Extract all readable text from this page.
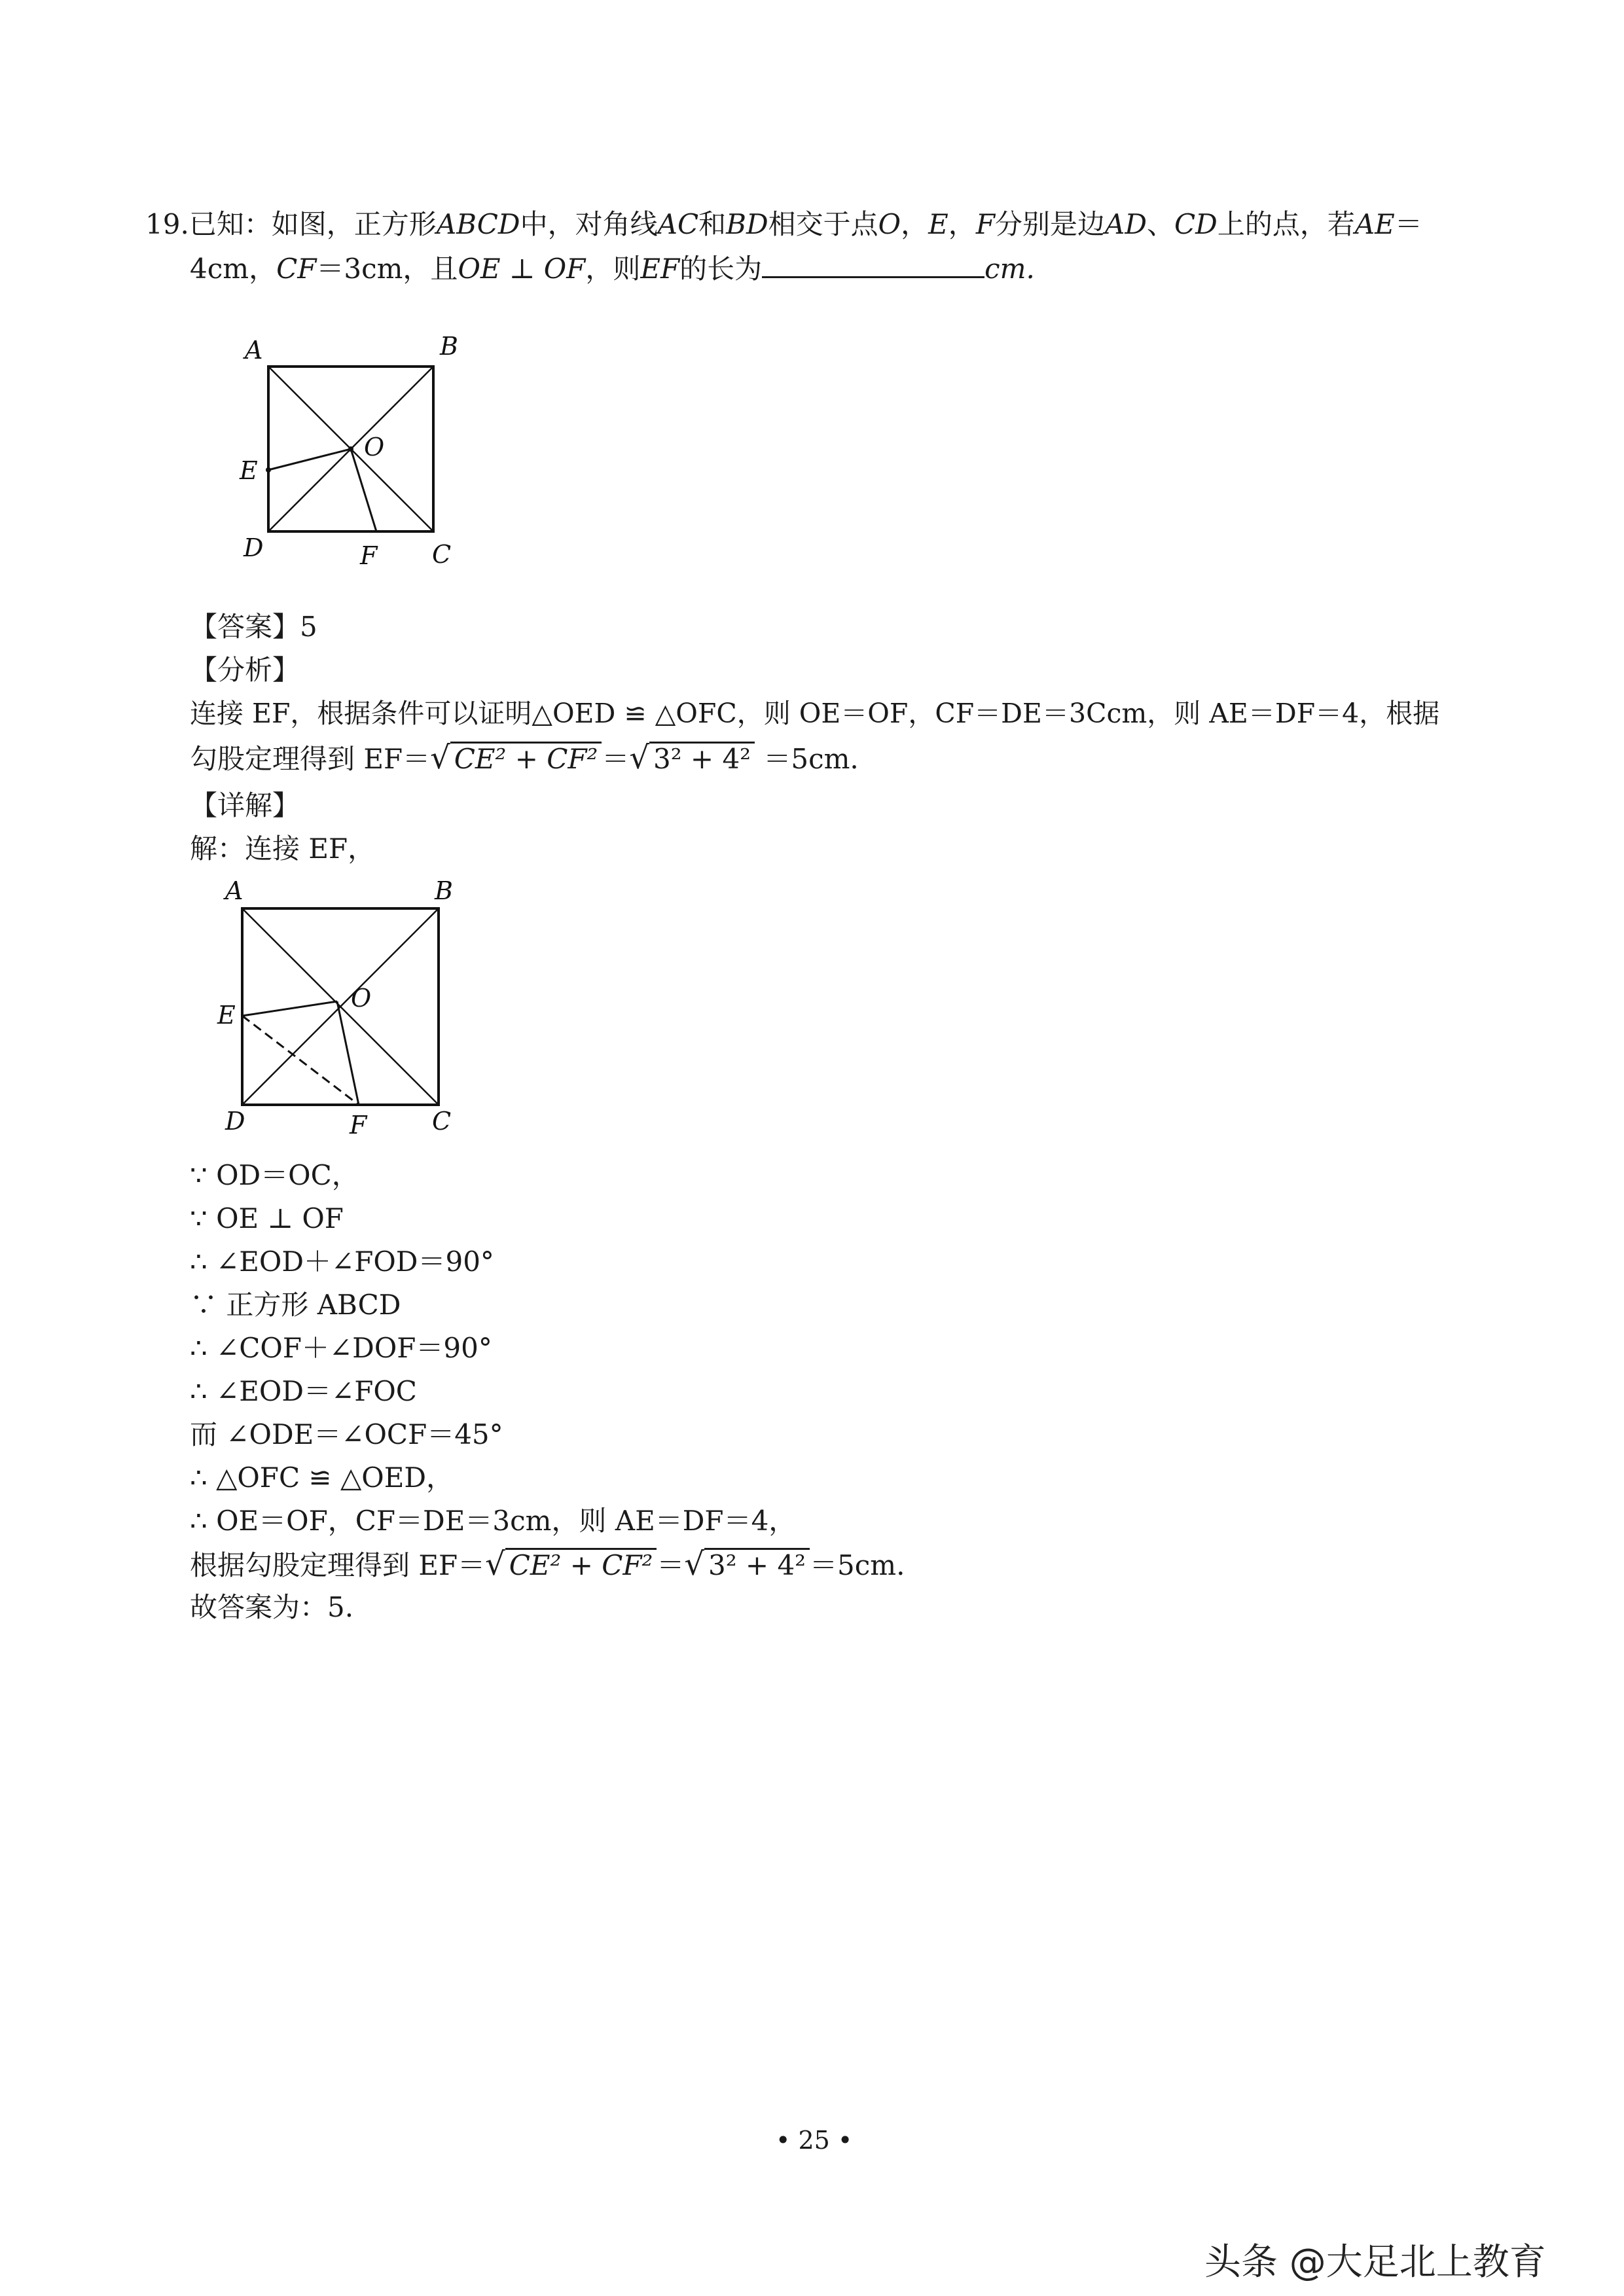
19.已知：如图，正方形ABCD中，对角线AC和BD相交于点O，E，F分别是边AD、CD上的点，若AE＝
4cm，CF＝3cm，且OE ⊥ OF，则EF的长为	cm.
A	B
C
D
E
F
O
【答案】5
【分析】
连接 EF，根据条件可以证明△OED ≌ △OFC，则 OE＝OF，CF＝DE＝3Ccm，则 AE＝DF＝4，根据
勾股定理得到 EF＝√ CE² + CF² ＝√ 3² + 4² ＝5cm.
【详解】
解：连接 EF，
A	B
C
D
E
F
O
∵ OD＝OC，
∵ OE ⊥ OF
∴ ∠EOD＋∠FOD＝90°
∵ 正方形 ABCD
∴ ∠COF＋∠DOF＝90°
∴ ∠EOD＝∠FOC
而 ∠ODE＝∠OCF＝45°
∴ △OFC ≌ △OED，
∴ OE＝OF，CF＝DE＝3cm，则 AE＝DF＝4，
根据勾股定理得到 EF＝√ CE² + CF² ＝√ 3² + 4² ＝5cm.
故答案为：5.
• 25 •
头条 @大足北上教育
